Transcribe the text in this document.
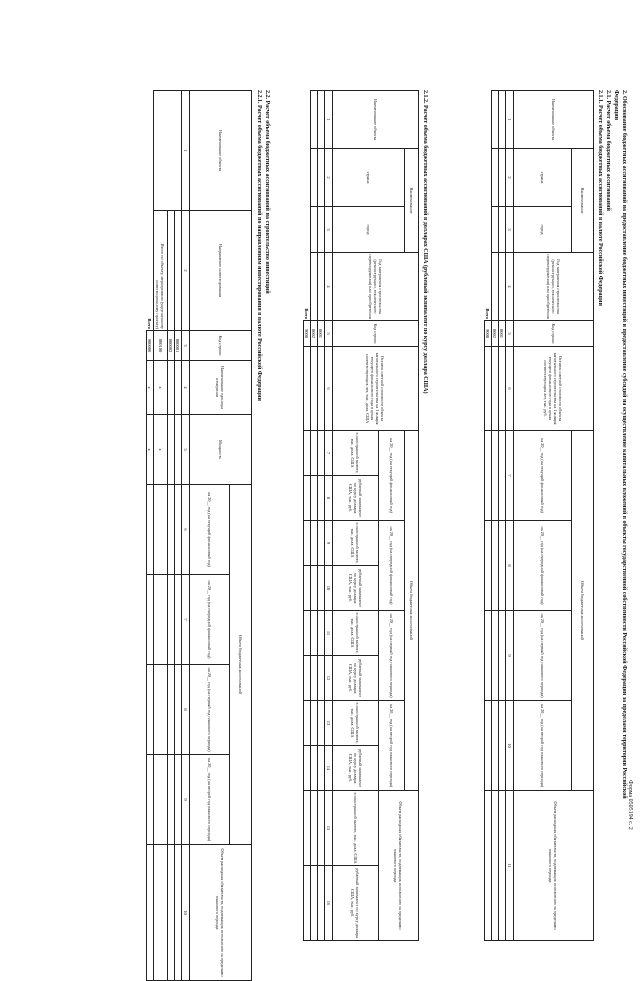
Форма 0505194 с. 2
2. Обоснование бюджетных ассигнований на предоставление бюджетных инвестиций и предоставление субсидий на осуществление капитальных вложений в объекты государственной собственности Российской Федерации за пределами территории Российской
Федерации
2.1. Расчет объема бюджетных ассигнований
2.1.1. Расчет объема бюджетных ассигнований в валюте Российской Федерации
Наименование объекта	Наименование		Год завершения строительства (реконструкции, технического перевооружения) или приобретения	Код строки	Остаток сметной стоимости объекта капитального строительства на 1 января текущего финансового года в ценах соответствующих лет, тыс. руб.	Объем бюджетных ассигнований				Объем расходных обязательств, подлежащих исполнению за пределами планового периода
	страна	город				на 20__ год (на текущий финансовый год)	на 20__ год (на очередной финансовый год)	на 20__ год (на первый год планового периода)	на 20__ год (на второй год планового периода)	
1	2	3	4	5	6	7	8	9	10	11
				0001						
				0002						
Всего				9000						
2.1.2. Расчет объема бюджетных ассигнований в долларах США (рублевый эквивалент по курсу доллара США)
Наименование объекта	Наименование		Год завершения строительства (реконструкции, технического перевооружения) или приобретения	Код строки	Остаток сметной стоимости объекта капитального строительства на 1 января текущего финансового года в ценах соответствующих лет, тыс. долл. США	Объем бюджетных ассигнований								Объем расходных обязательств, подлежащих исполнению за пределами планового периода	
	страна	город				на 20__ год (на текущий финансовый год)		на 20__ год (на очередной финансовый год)		на 20__ год (на первый год планового периода)		на 20__ год (на второй год планового периода)			
						в иностранной валюте, тыс. долл. США	рублевый эквивалент по курсу доллара США, тыс. руб.	в иностранной валюте, тыс. долл. США	рублевый эквивалент по курсу доллара США, тыс. руб.	в иностранной валюте, тыс. долл. США	рублевый эквивалент по курсу доллара США, тыс. руб.	в иностранной валюте, тыс. долл. США	рублевый эквивалент по курсу доллара США, тыс. руб.	в иностранной валюте, тыс. долл. США	рублевый эквивалент по курсу доллара США, тыс. руб.
1	2	3	4	5	6	7	8	9	10	11	12	13	14	15	16
				0001											
				0002											
Всего				9000											
2.2. Расчет объема бюджетных ассигнований на строительство инвестиций
2.2.1. Расчет объема бюджетных ассигнований по направлениям инвестирования в валюте Российской Федерации
Наименование объекта	Направление инвестирования	Код строки	Наименование единицы измерения	Мощность	Объем бюджетных ассигнований				Объем расходных обязательств, подлежащих исполнению за пределами планового периода
					на 20__ год (на текущий финансовый год)	на 20__ год (на очередной финансовый год)	на 20__ год (на первый год планового периода)	на 20__ год (на второй год планового периода)	
1	2	3	4	5	6	7	8	9	10
		000001							
		000002							
	Итого по объекту, мероприятию (укрупненному инвестиционному проекту)	000100	x	x					
Всего		900000	x	x					
